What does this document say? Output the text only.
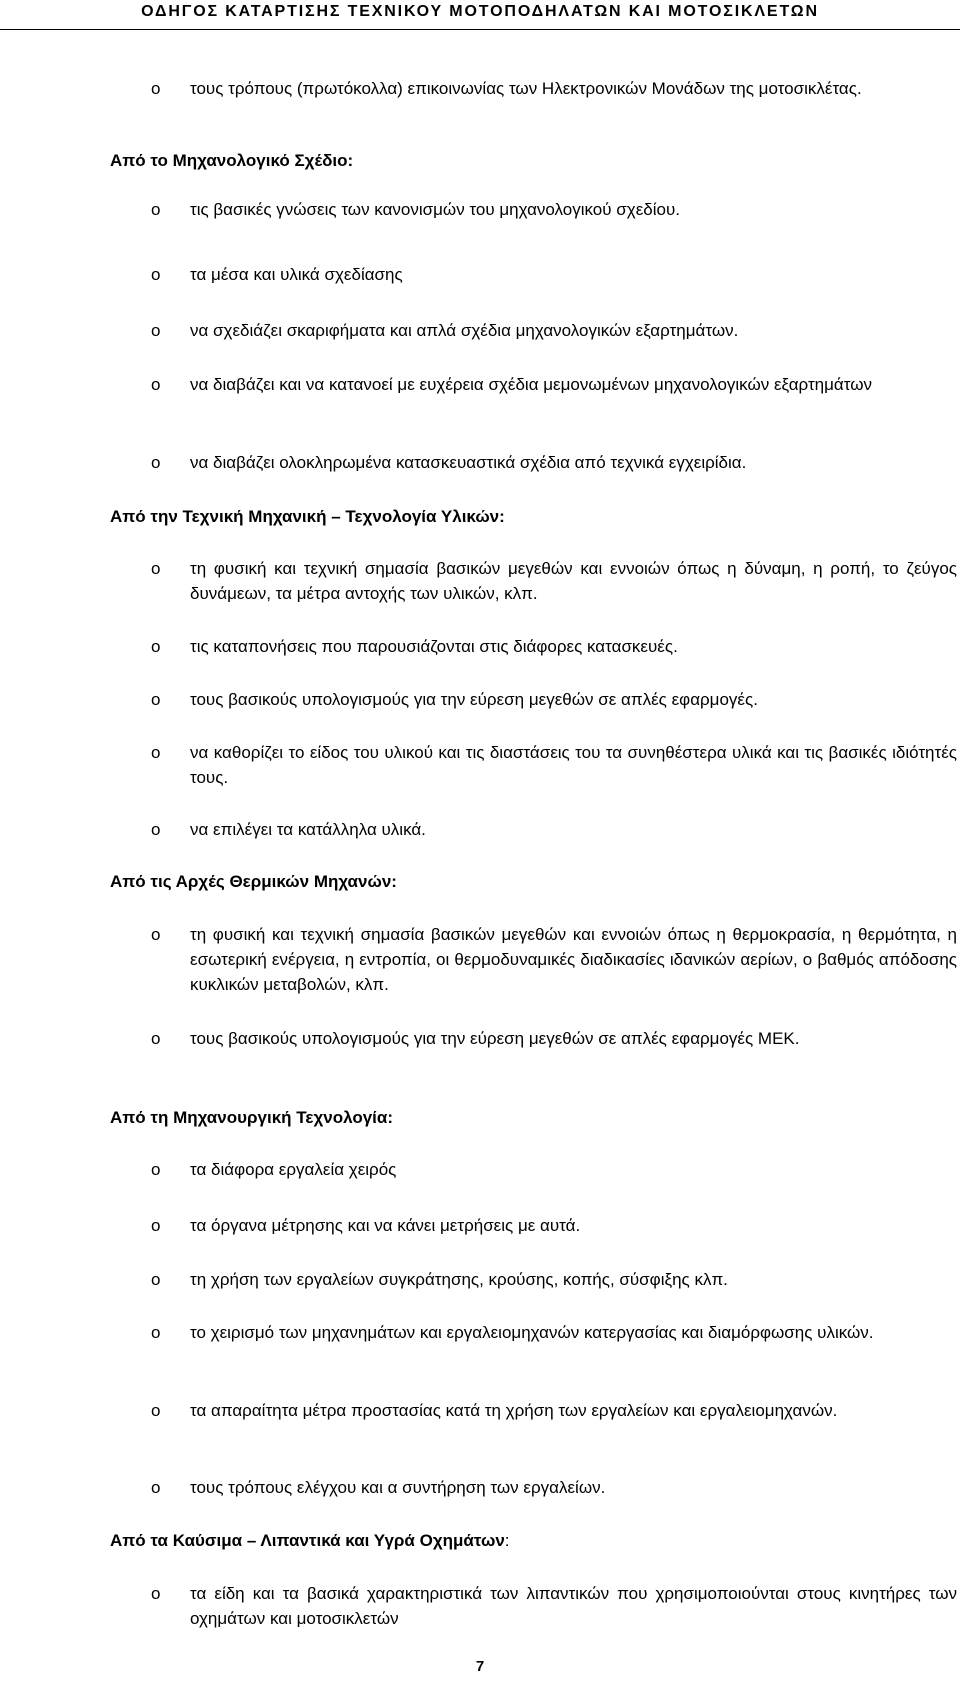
ΟΔΗΓΟΣ ΚΑΤΑΡΤΙΣΗΣ ΤΕΧΝΙΚΟΥ ΜΟΤΟΠΟΔΗΛΑΤΩΝ ΚΑΙ ΜΟΤΟΣΙΚΛΕΤΩΝ
o τους τρόπους (πρωτόκολλα) επικοινωνίας των Ηλεκτρονικών Μονάδων της μοτοσικλέτας.
Από το Μηχανολογικό Σχέδιο:
o τις βασικές γνώσεις των κανονισμών του μηχανολογικού σχεδίου.
o τα μέσα και υλικά σχεδίασης
o να σχεδιάζει σκαριφήματα και απλά σχέδια μηχανολογικών εξαρτημάτων.
o να διαβάζει και να κατανοεί με ευχέρεια σχέδια μεμονωμένων μηχανολογικών εξαρτημάτων
o να διαβάζει ολοκληρωμένα κατασκευαστικά σχέδια από τεχνικά εγχειρίδια.
Από την Τεχνική Μηχανική – Τεχνολογία Υλικών:
o τη φυσική και τεχνική σημασία βασικών μεγεθών και εννοιών όπως η δύναμη, η ροπή, το ζεύγος δυνάμεων, τα μέτρα αντοχής των υλικών, κλπ.
o τις καταπονήσεις που παρουσιάζονται στις διάφορες κατασκευές.
o τους βασικούς υπολογισμούς για την εύρεση μεγεθών σε απλές εφαρμογές.
o να καθορίζει το είδος του υλικού και τις διαστάσεις του τα συνηθέστερα υλικά και τις βασικές ιδιότητές τους.
o να επιλέγει τα κατάλληλα υλικά.
Από τις Αρχές Θερμικών Μηχανών:
o τη φυσική και τεχνική σημασία βασικών μεγεθών και εννοιών όπως η θερμοκρασία, η θερμότητα, η εσωτερική ενέργεια, η εντροπία, οι θερμοδυναμικές διαδικασίες ιδανικών αερίων, ο βαθμός απόδοσης κυκλικών μεταβολών, κλπ.
o τους βασικούς υπολογισμούς για την εύρεση μεγεθών σε απλές εφαρμογές ΜΕΚ.
Από τη Μηχανουργική Τεχνολογία:
o τα διάφορα εργαλεία χειρός
o τα όργανα μέτρησης και να κάνει μετρήσεις με αυτά.
o τη χρήση των εργαλείων συγκράτησης, κρούσης, κοπής, σύσφιξης κλπ.
o το χειρισμό των μηχανημάτων και εργαλειομηχανών κατεργασίας και διαμόρφωσης υλικών.
o τα απαραίτητα μέτρα προστασίας κατά τη χρήση των εργαλείων και εργαλειομηχανών.
o τους τρόπους ελέγχου και α συντήρηση των εργαλείων.
Από τα Καύσιμα – Λιπαντικά και Υγρά Οχημάτων:
o τα είδη και τα βασικά χαρακτηριστικά των λιπαντικών που χρησιμοποιούνται στους κινητήρες των οχημάτων και μοτοσικλετών
7
